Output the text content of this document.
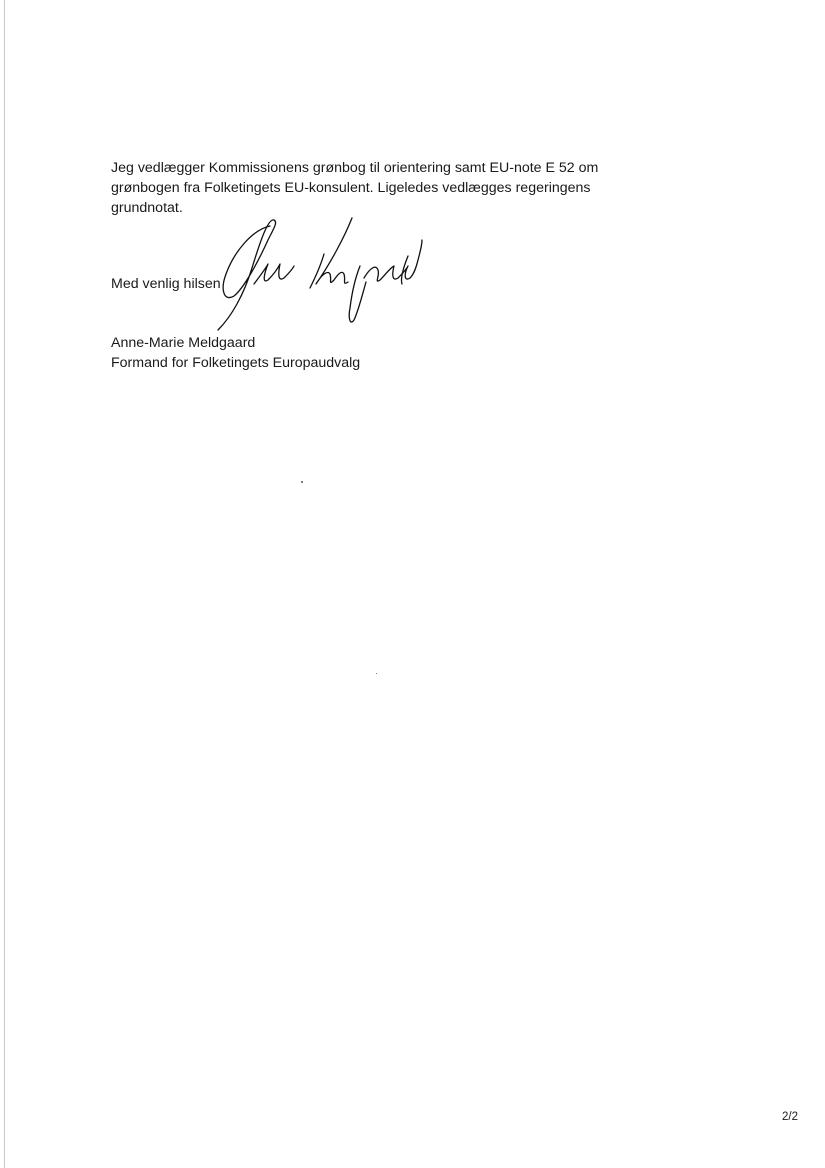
Jeg vedlægger Kommissionens grønbog til orientering samt EU-note E 52 om
grønbogen fra Folketingets EU-konsulent. Ligeledes vedlægges regeringens
grundnotat.

Med venlig hilsen
Anne-Marie Meldgaard
Formand for Folketingets Europaudvalg
2/2
